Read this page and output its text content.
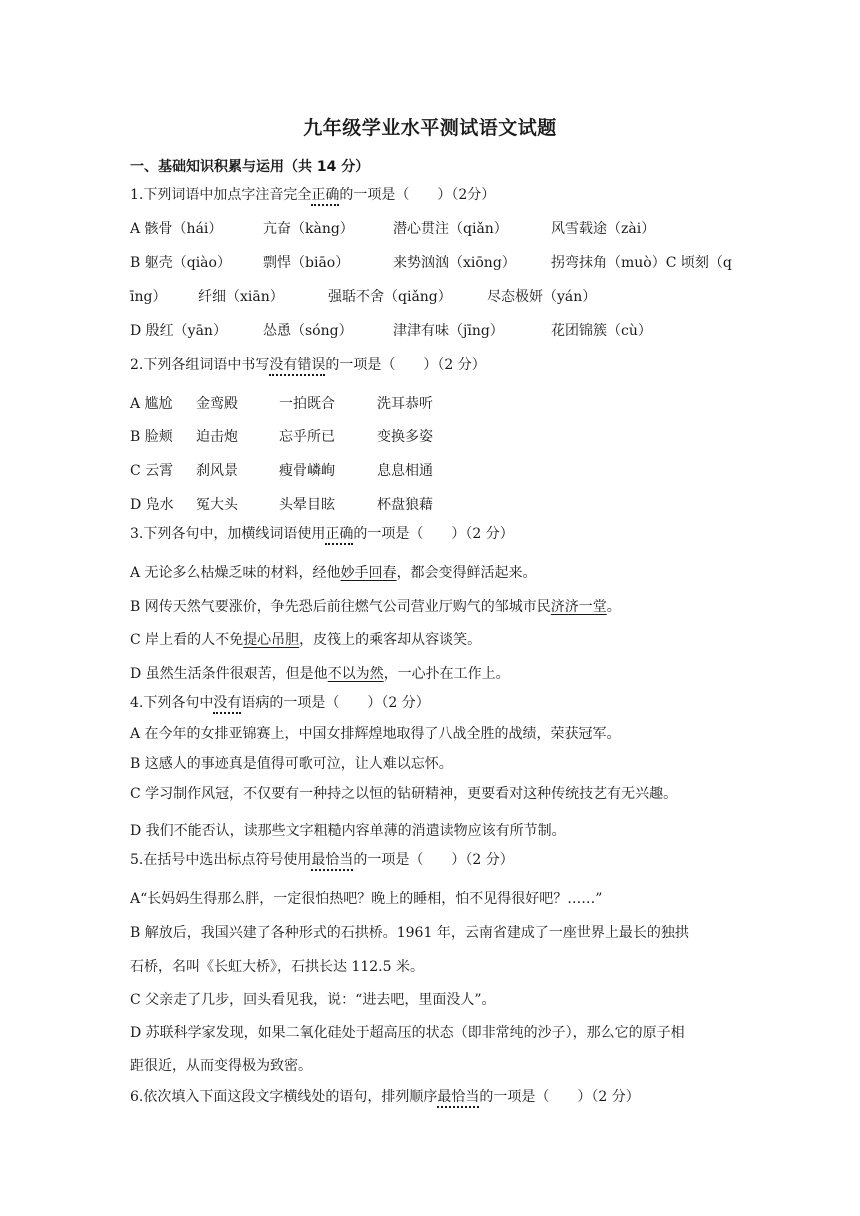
九年级学业水平测试语文试题
一、基础知识积累与运用（共 14 分）
1.下列词语中加点字注音完全正确的一项是（　　）（2分）
A 骸骨（hái）	亢奋（kàng）	潜心贯注（qiǎn）	风雪载途（zài）
B 躯壳（qiào） 剽悍（biāo）	来势汹汹（xiōng）	拐弯抹角（muò）C 顷刻（q
īng） 纤细（xiān）	强聒不舍（qiǎng）	尽态极妍（yán）
D 殷红（yān）	怂恿（sóng）	津津有味（jīng）	花团锦簇（cù）
2.下列各组词语中书写没有错误的一项是（　　）（2 分）
A 尴尬 金鸾殿	一拍既合	洗耳恭听
B 脸颊 迫击炮	忘乎所已	变换多姿
C 云霄 刹风景	瘦骨嶙峋	息息相通
D 凫水 冤大头	头晕目眩	杯盘狼藉
3.下列各句中，加横线词语使用正确的一项是（　　）（2 分）
A 无论多么枯燥乏味的材料，经他妙手回春，都会变得鲜活起来。
B 网传天然气要涨价，争先恐后前往燃气公司营业厅购气的邹城市民济济一堂。
C 岸上看的人不免提心吊胆，皮筏上的乘客却从容谈笑。
D 虽然生活条件很艰苦，但是他不以为然，一心扑在工作上。
4.下列各句中没有语病的一项是（　　）（2 分）
A 在今年的女排亚锦赛上，中国女排辉煌地取得了八战全胜的战绩，荣获冠军。
B 这感人的事迹真是值得可歌可泣，让人难以忘怀。
C 学习制作风冠，不仅要有一种持之以恒的钻研精神，更要看对这种传统技艺有无兴趣。
D 我们不能否认，读那些文字粗糙内容单薄的消遣读物应该有所节制。
5.在括号中选出标点符号使用最恰当的一项是（　　）（2 分）
A“长妈妈生得那么胖，一定很怕热吧？晚上的睡相，怕不见得很好吧？……”
B 解放后，我国兴建了各种形式的石拱桥。1961 年，云南省建成了一座世界上最长的独拱
石桥，名叫《长虹大桥》，石拱长达 112.5 米。
C 父亲走了几步，回头看见我，说：“进去吧，里面没人”。
D 苏联科学家发现，如果二氧化硅处于超高压的状态（即非常纯的沙子），那么它的原子相
距很近，从而变得极为致密。
6.依次填入下面这段文字横线处的语句，排列顺序最恰当的一项是（　　）（2 分）
